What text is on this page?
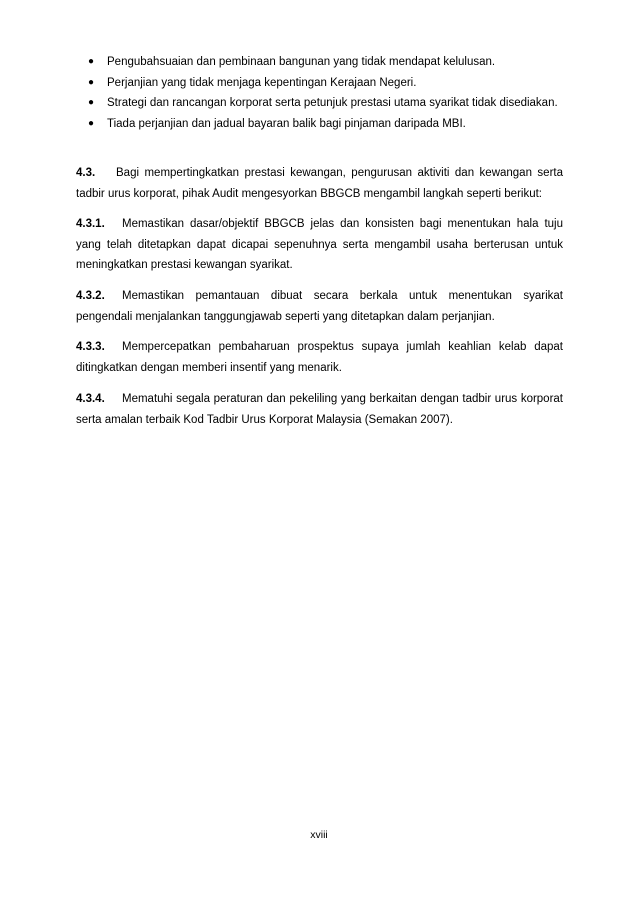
● Pengubahsuaian dan pembinaan bangunan yang tidak mendapat kelulusan.
● Perjanjian yang tidak menjaga kepentingan Kerajaan Negeri.
● Strategi dan rancangan korporat serta petunjuk prestasi utama syarikat tidak disediakan.
● Tiada perjanjian dan jadual bayaran balik bagi pinjaman daripada MBI.

4.3. Bagi mempertingkatkan prestasi kewangan, pengurusan aktiviti dan kewangan serta tadbir urus korporat, pihak Audit mengesyorkan BBGCB mengambil langkah seperti berikut:

4.3.1. Memastikan dasar/objektif BBGCB jelas dan konsisten bagi menentukan hala tuju yang telah ditetapkan dapat dicapai sepenuhnya serta mengambil usaha berterusan untuk meningkatkan prestasi kewangan syarikat.

4.3.2. Memastikan pemantauan dibuat secara berkala untuk menentukan syarikat pengendali menjalankan tanggungjawab seperti yang ditetapkan dalam perjanjian.

4.3.3. Mempercepatkan pembaharuan prospektus supaya jumlah keahlian kelab dapat ditingkatkan dengan memberi insentif yang menarik.

4.3.4. Mematuhi segala peraturan dan pekeliling yang berkaitan dengan tadbir urus korporat serta amalan terbaik Kod Tadbir Urus Korporat Malaysia (Semakan 2007).

xviii
